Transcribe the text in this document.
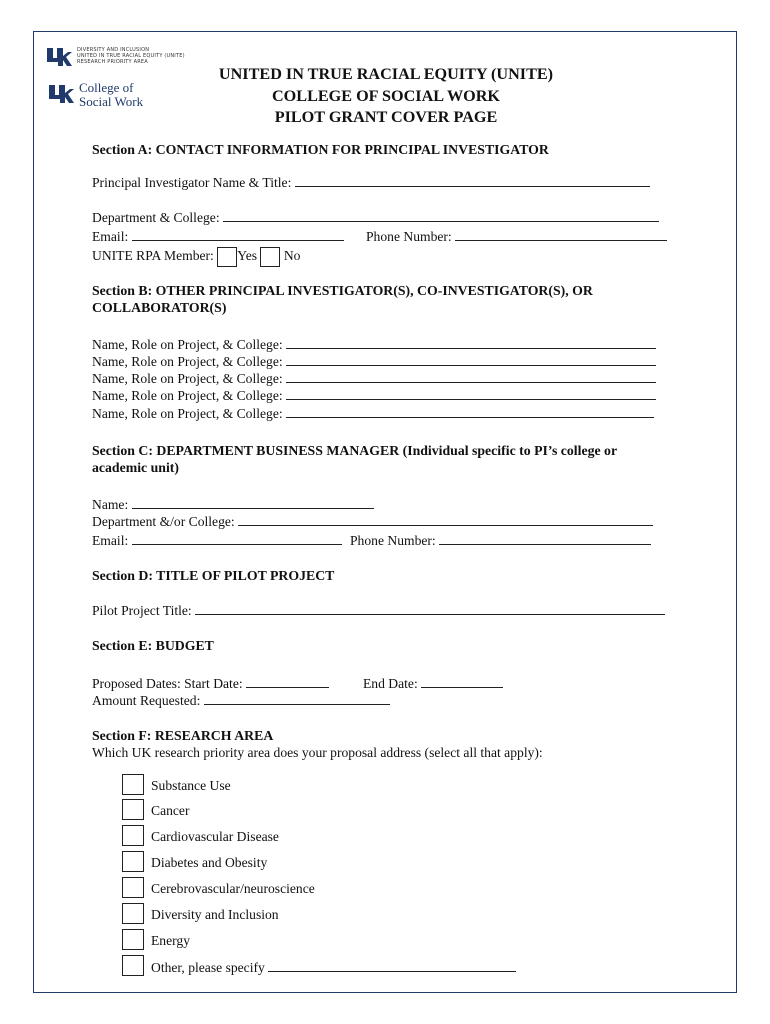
DIVERSITY AND INCLUSION
UNITED IN TRUE RACIAL EQUITY (UNITE)
RESEARCH PRIORITY AREA
College of
Social Work
UNITED IN TRUE RACIAL EQUITY (UNITE)
COLLEGE OF SOCIAL WORK
PILOT GRANT COVER PAGE
Section A: CONTACT INFORMATION FOR PRINCIPAL INVESTIGATOR
Principal Investigator Name & Title:
Department & College:
Email:	Phone Number:
UNITE RPA Member: Yes No
Section B: OTHER PRINCIPAL INVESTIGATOR(S), CO-INVESTIGATOR(S), OR
COLLABORATOR(S)
Name, Role on Project, & College:
Name, Role on Project, & College:
Name, Role on Project, & College:
Name, Role on Project, & College:
Name, Role on Project, & College:
Section C: DEPARTMENT BUSINESS MANAGER (Individual specific to PI’s college or
academic unit)
Name:
Department &/or College:
Email:	Phone Number:
Section D: TITLE OF PILOT PROJECT
Pilot Project Title:
Section E: BUDGET
Proposed Dates: Start Date:	End Date:
Amount Requested:
Section F: RESEARCH AREA
Which UK research priority area does your proposal address (select all that apply):
Substance Use
Cancer
Cardiovascular Disease
Diabetes and Obesity
Cerebrovascular/neuroscience
Diversity and Inclusion
Energy
Other, please specify
